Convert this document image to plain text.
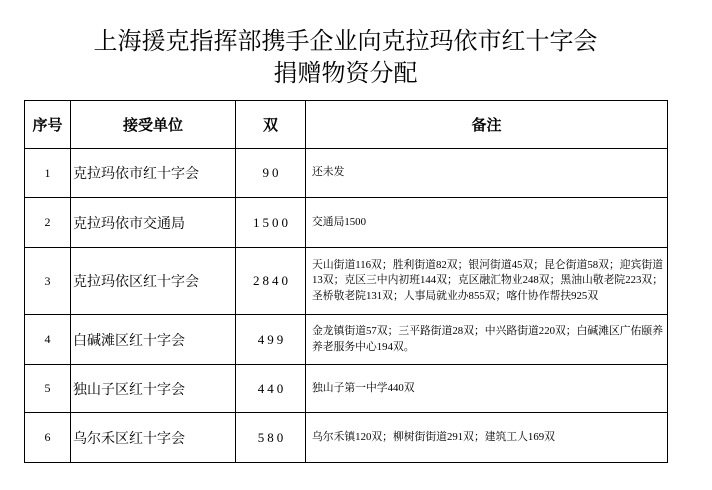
上海援克指挥部携手企业向克拉玛依市红十字会
捐赠物资分配
序号	接受单位	双	备注
1	克拉玛依市红十字会	90	还未发
2	克拉玛依市交通局	1500	交通局1500
3	克拉玛依区红十字会	2840	天山街道116双；胜利街道82双；银河街道45双；昆仑街道58双；迎宾街道13双；克区三中内初班144双；克区融汇物业248双；黑油山敬老院223双；圣桥敬老院131双；人事局就业办855双；喀什协作帮扶925双
4	白碱滩区红十字会	499	金龙镇街道57双；三平路街道28双；中兴路街道220双；白碱滩区广佑颐养养老服务中心194双。
5	独山子区红十字会	440	独山子第一中学440双
6	乌尔禾区红十字会	580	乌尔禾镇120双；柳树街街道291双；建筑工人169双
